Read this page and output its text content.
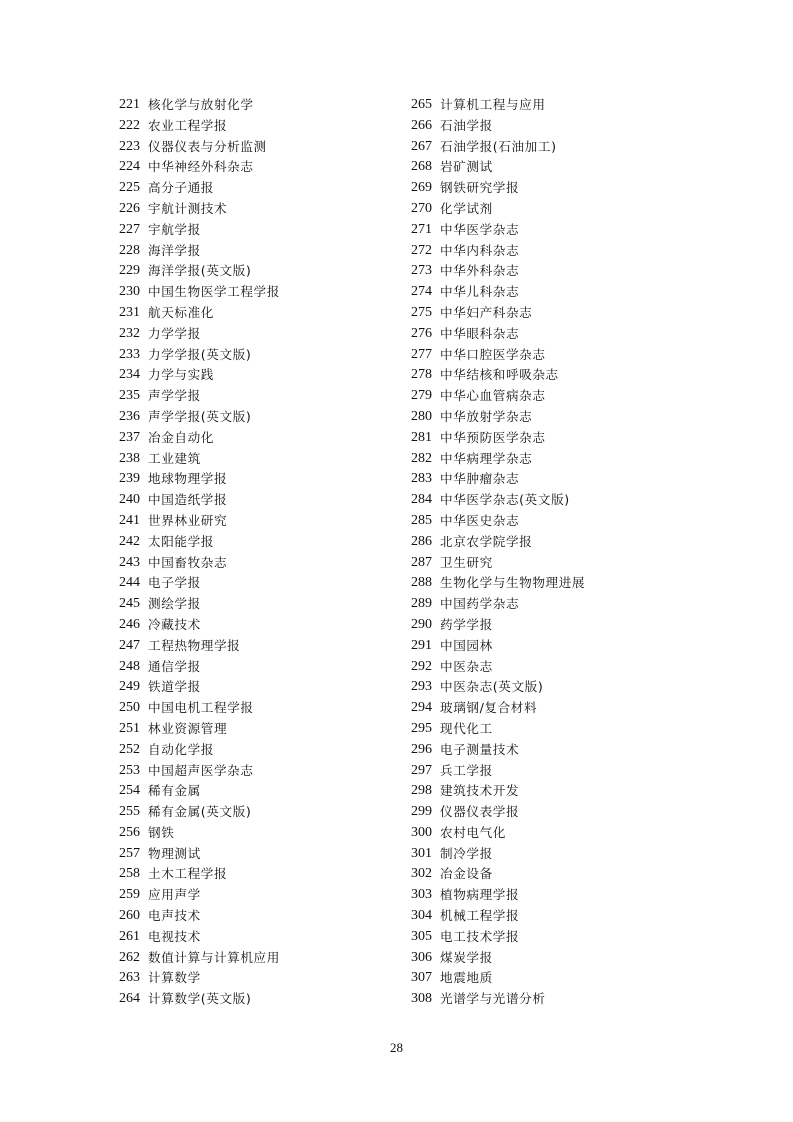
221 核化学与放射化学
222 农业工程学报
223 仪器仪表与分析监测
224 中华神经外科杂志
225 高分子通报
226 宇航计测技术
227 宇航学报
228 海洋学报
229 海洋学报(英文版)
230 中国生物医学工程学报
231 航天标准化
232 力学学报
233 力学学报(英文版)
234 力学与实践
235 声学学报
236 声学学报(英文版)
237 冶金自动化
238 工业建筑
239 地球物理学报
240 中国造纸学报
241 世界林业研究
242 太阳能学报
243 中国畜牧杂志
244 电子学报
245 测绘学报
246 冷藏技术
247 工程热物理学报
248 通信学报
249 铁道学报
250 中国电机工程学报
251 林业资源管理
252 自动化学报
253 中国超声医学杂志
254 稀有金属
255 稀有金属(英文版)
256 钢铁
257 物理测试
258 土木工程学报
259 应用声学
260 电声技术
261 电视技术
262 数值计算与计算机应用
263 计算数学
264 计算数学(英文版)
265 计算机工程与应用
266 石油学报
267 石油学报(石油加工)
268 岩矿测试
269 钢铁研究学报
270 化学试剂
271 中华医学杂志
272 中华内科杂志
273 中华外科杂志
274 中华儿科杂志
275 中华妇产科杂志
276 中华眼科杂志
277 中华口腔医学杂志
278 中华结核和呼吸杂志
279 中华心血管病杂志
280 中华放射学杂志
281 中华预防医学杂志
282 中华病理学杂志
283 中华肿瘤杂志
284 中华医学杂志(英文版)
285 中华医史杂志
286 北京农学院学报
287 卫生研究
288 生物化学与生物物理进展
289 中国药学杂志
290 药学学报
291 中国园林
292 中医杂志
293 中医杂志(英文版)
294 玻璃钢/复合材料
295 现代化工
296 电子测量技术
297 兵工学报
298 建筑技术开发
299 仪器仪表学报
300 农村电气化
301 制冷学报
302 冶金设备
303 植物病理学报
304 机械工程学报
305 电工技术学报
306 煤炭学报
307 地震地质
308 光谱学与光谱分析
28
